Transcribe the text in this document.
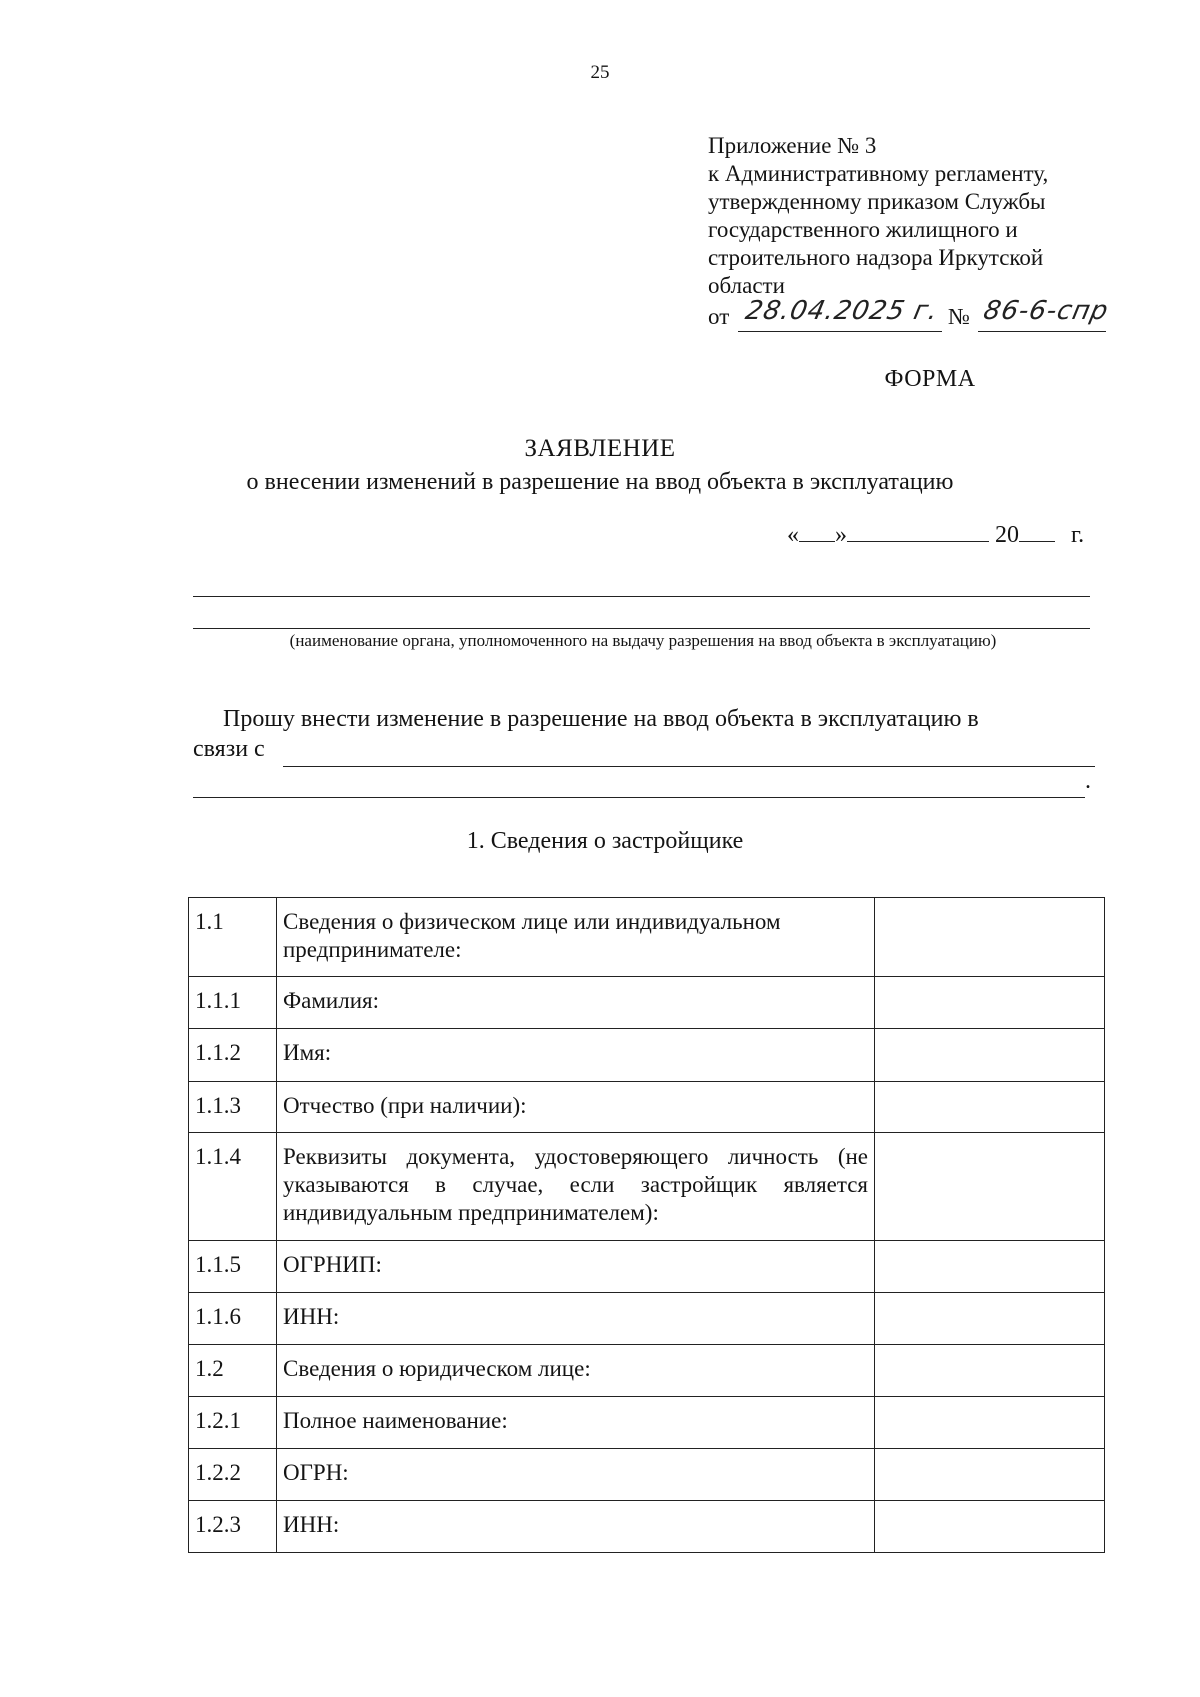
25
Приложение № 3
к Административному регламенту,
утвержденному приказом Службы
государственного жилищного и
строительного надзора Иркутской
области
от 28.04.2025 г. № 86-6-спр
ФОРМА
ЗАЯВЛЕНИЕ
о внесении изменений в разрешение на ввод объекта в эксплуатацию
« »	20 г.
(наименование органа, уполномоченного на выдачу разрешения на ввод объекта в эксплуатацию)
Прошу внести изменение в разрешение на ввод объекта в эксплуатацию в
связи с
.
1. Сведения о застройщике
1.1	Сведения о физическом лице или индивидуальном предпринимателе:	
1.1.1	Фамилия:	
1.1.2	Имя:	
1.1.3	Отчество (при наличии):	
1.1.4	Реквизиты документа, удостоверяющего личность (не указываются в случае, если застройщик является индивидуальным предпринимателем):	
1.1.5	ОГРНИП:	
1.1.6	ИНН:	
1.2	Сведения о юридическом лице:	
1.2.1	Полное наименование:	
1.2.2	ОГРН:	
1.2.3	ИНН:	
